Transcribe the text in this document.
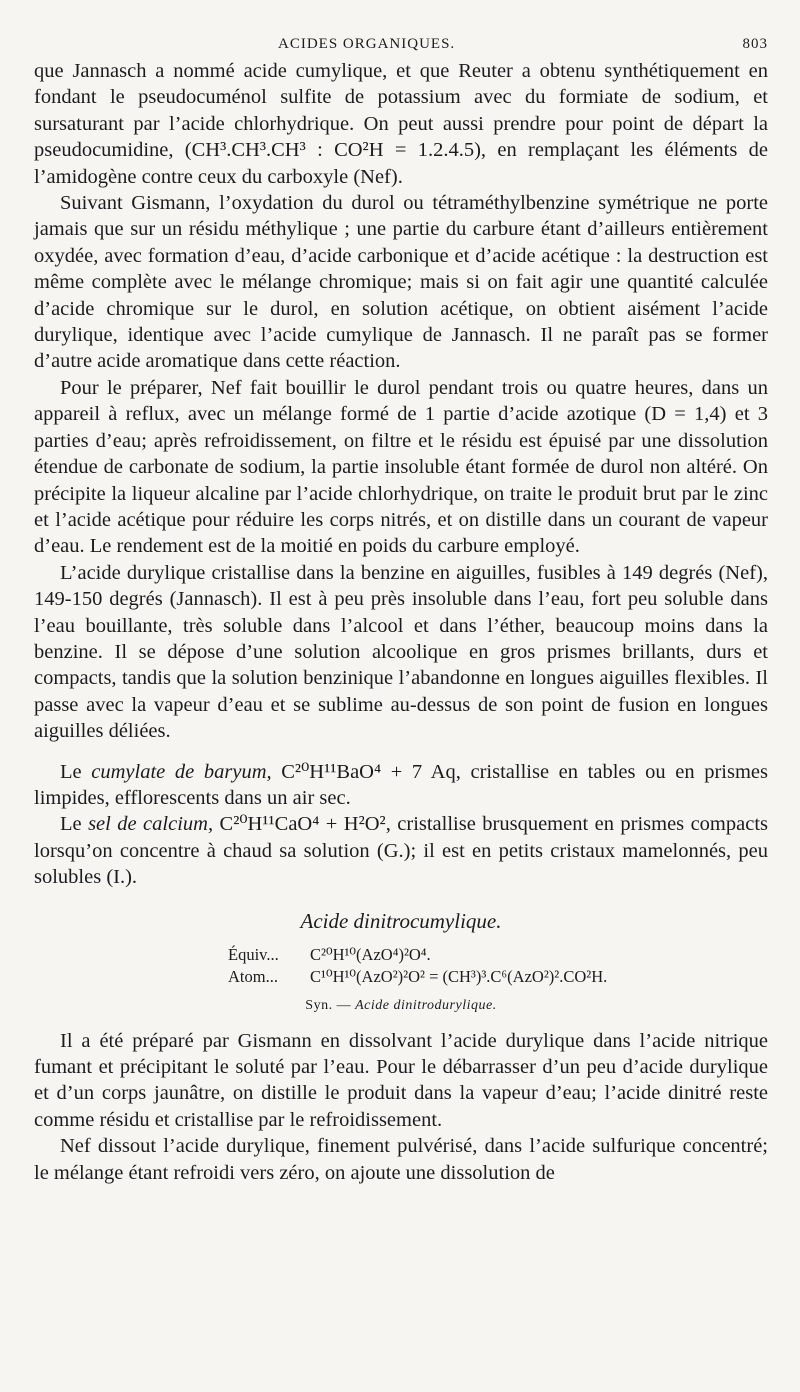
ACIDES ORGANIQUES.	803

que Jannasch a nommé acide cumylique, et que Reuter a obtenu synthétiquement en fondant le pseudocuménol sulfite de potassium avec du formiate de sodium, et sursaturant par l’acide chlorhydrique. On peut aussi prendre pour point de départ la pseudocumidine, (CH³.CH³.CH³ : CO²H = 1.2.4.5), en remplaçant les éléments de l’amidogène contre ceux du carboxyle (Nef).

Suivant Gismann, l’oxydation du durol ou tétraméthylbenzine symétrique ne porte jamais que sur un résidu méthylique ; une partie du carbure étant d’ailleurs entièrement oxydée, avec formation d’eau, d’acide carbonique et d’acide acétique : la destruction est même complète avec le mélange chromique; mais si on fait agir une quantité calculée d’acide chromique sur le durol, en solution acétique, on obtient aisément l’acide durylique, identique avec l’acide cumylique de Jannasch. Il ne paraît pas se former d’autre acide aromatique dans cette réaction.

Pour le préparer, Nef fait bouillir le durol pendant trois ou quatre heures, dans un appareil à reflux, avec un mélange formé de 1 partie d’acide azotique (D = 1,4) et 3 parties d’eau; après refroidissement, on filtre et le résidu est épuisé par une dissolution étendue de carbonate de sodium, la partie insoluble étant formée de durol non altéré. On précipite la liqueur alcaline par l’acide chlorhydrique, on traite le produit brut par le zinc et l’acide acétique pour réduire les corps nitrés, et on distille dans un courant de vapeur d’eau. Le rendement est de la moitié en poids du carbure employé.

L’acide durylique cristallise dans la benzine en aiguilles, fusibles à 149 degrés (Nef), 149-150 degrés (Jannasch). Il est à peu près insoluble dans l’eau, fort peu soluble dans l’eau bouillante, très soluble dans l’alcool et dans l’éther, beaucoup moins dans la benzine. Il se dépose d’une solution alcoolique en gros prismes brillants, durs et compacts, tandis que la solution benzinique l’abandonne en longues aiguilles flexibles. Il passe avec la vapeur d’eau et se sublime au-dessus de son point de fusion en longues aiguilles déliées.

Le cumylate de baryum, C²⁰H¹¹BaO⁴ + 7 Aq, cristallise en tables ou en prismes limpides, efflorescents dans un air sec.

Le sel de calcium, C²⁰H¹¹CaO⁴ + H²O², cristallise brusquement en prismes compacts lorsqu’on concentre à chaud sa solution (G.); il est en petits cristaux mamelonnés, peu solubles (I.).

Acide dinitrocumylique.
Équiv... C²⁰H¹⁰(AzO⁴)²O⁴.
Atom... C¹⁰H¹⁰(AzO²)²O² = (CH³)³.C⁶(AzO²)².CO²H.
Syn. — Acide dinitrodurylique.

Il a été préparé par Gismann en dissolvant l’acide durylique dans l’acide nitrique fumant et précipitant le soluté par l’eau. Pour le débarrasser d’un peu d’acide durylique et d’un corps jaunâtre, on distille le produit dans la vapeur d’eau; l’acide dinitré reste comme résidu et cristallise par le refroidissement.

Nef dissout l’acide durylique, finement pulvérisé, dans l’acide sulfurique concentré; le mélange étant refroidi vers zéro, on ajoute une dissolution de
